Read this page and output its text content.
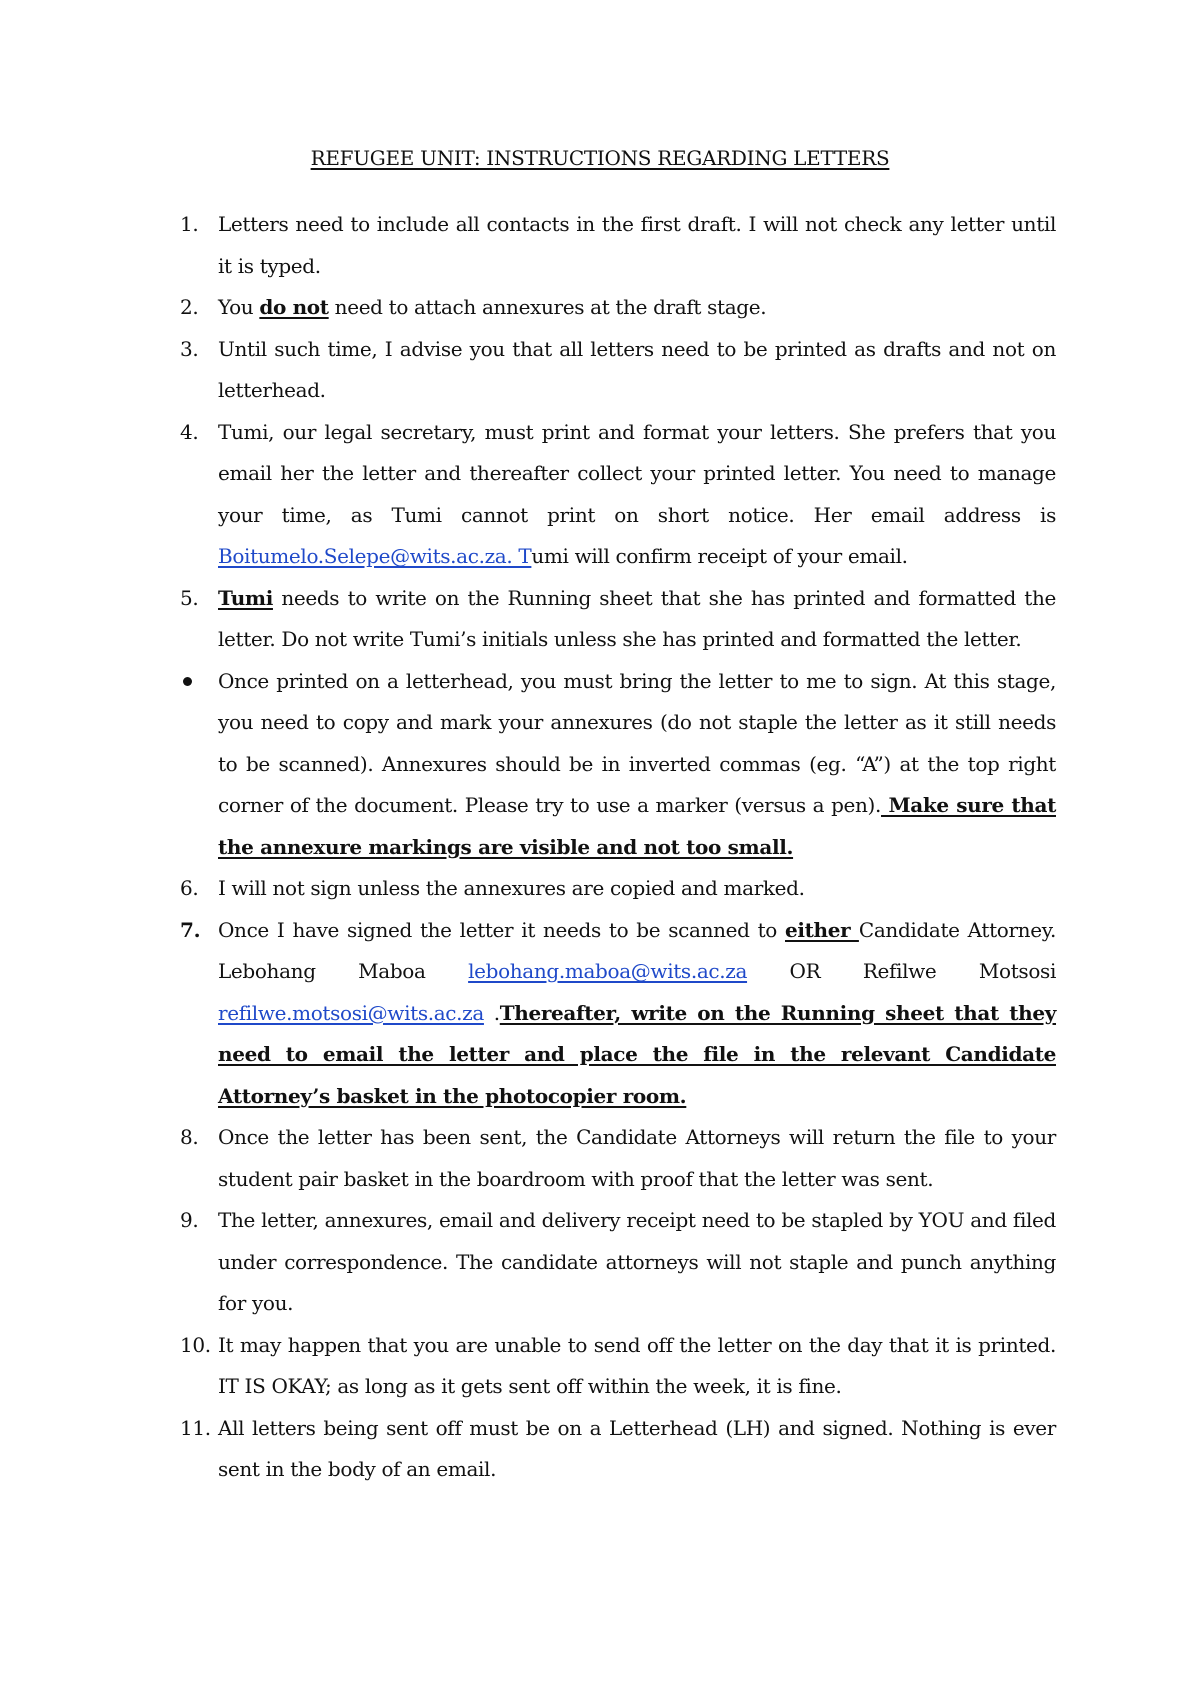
REFUGEE UNIT: INSTRUCTIONS REGARDING LETTERS
1. Letters need to include all contacts in the first draft. I will not check any letter until it is typed.
2. You do not need to attach annexures at the draft stage.
3. Until such time, I advise you that all letters need to be printed as drafts and not on letterhead.
4. Tumi, our legal secretary, must print and format your letters. She prefers that you email her the letter and thereafter collect your printed letter. You need to manage your time, as Tumi cannot print on short notice. Her email address is Boitumelo.Selepe@wits.ac.za. Tumi will confirm receipt of your email.
5. Tumi needs to write on the Running sheet that she has printed and formatted the letter. Do not write Tumi’s initials unless she has printed and formatted the letter.
Once printed on a letterhead, you must bring the letter to me to sign. At this stage, you need to copy and mark your annexures (do not staple the letter as it still needs to be scanned). Annexures should be in inverted commas (eg. “A”) at the top right corner of the document. Please try to use a marker (versus a pen). Make sure that the annexure markings are visible and not too small.
6. I will not sign unless the annexures are copied and marked.
7. Once I have signed the letter it needs to be scanned to either Candidate Attorney. Lebohang Maboa lebohang.maboa@wits.ac.za OR Refilwe Motsosi refilwe.motsosi@wits.ac.za .Thereafter, write on the Running sheet that they need to email the letter and place the file in the relevant Candidate Attorney’s basket in the photocopier room.
8. Once the letter has been sent, the Candidate Attorneys will return the file to your student pair basket in the boardroom with proof that the letter was sent.
9. The letter, annexures, email and delivery receipt need to be stapled by YOU and filed under correspondence. The candidate attorneys will not staple and punch anything for you.
10. It may happen that you are unable to send off the letter on the day that it is printed. IT IS OKAY; as long as it gets sent off within the week, it is fine.
11. All letters being sent off must be on a Letterhead (LH) and signed. Nothing is ever sent in the body of an email.
